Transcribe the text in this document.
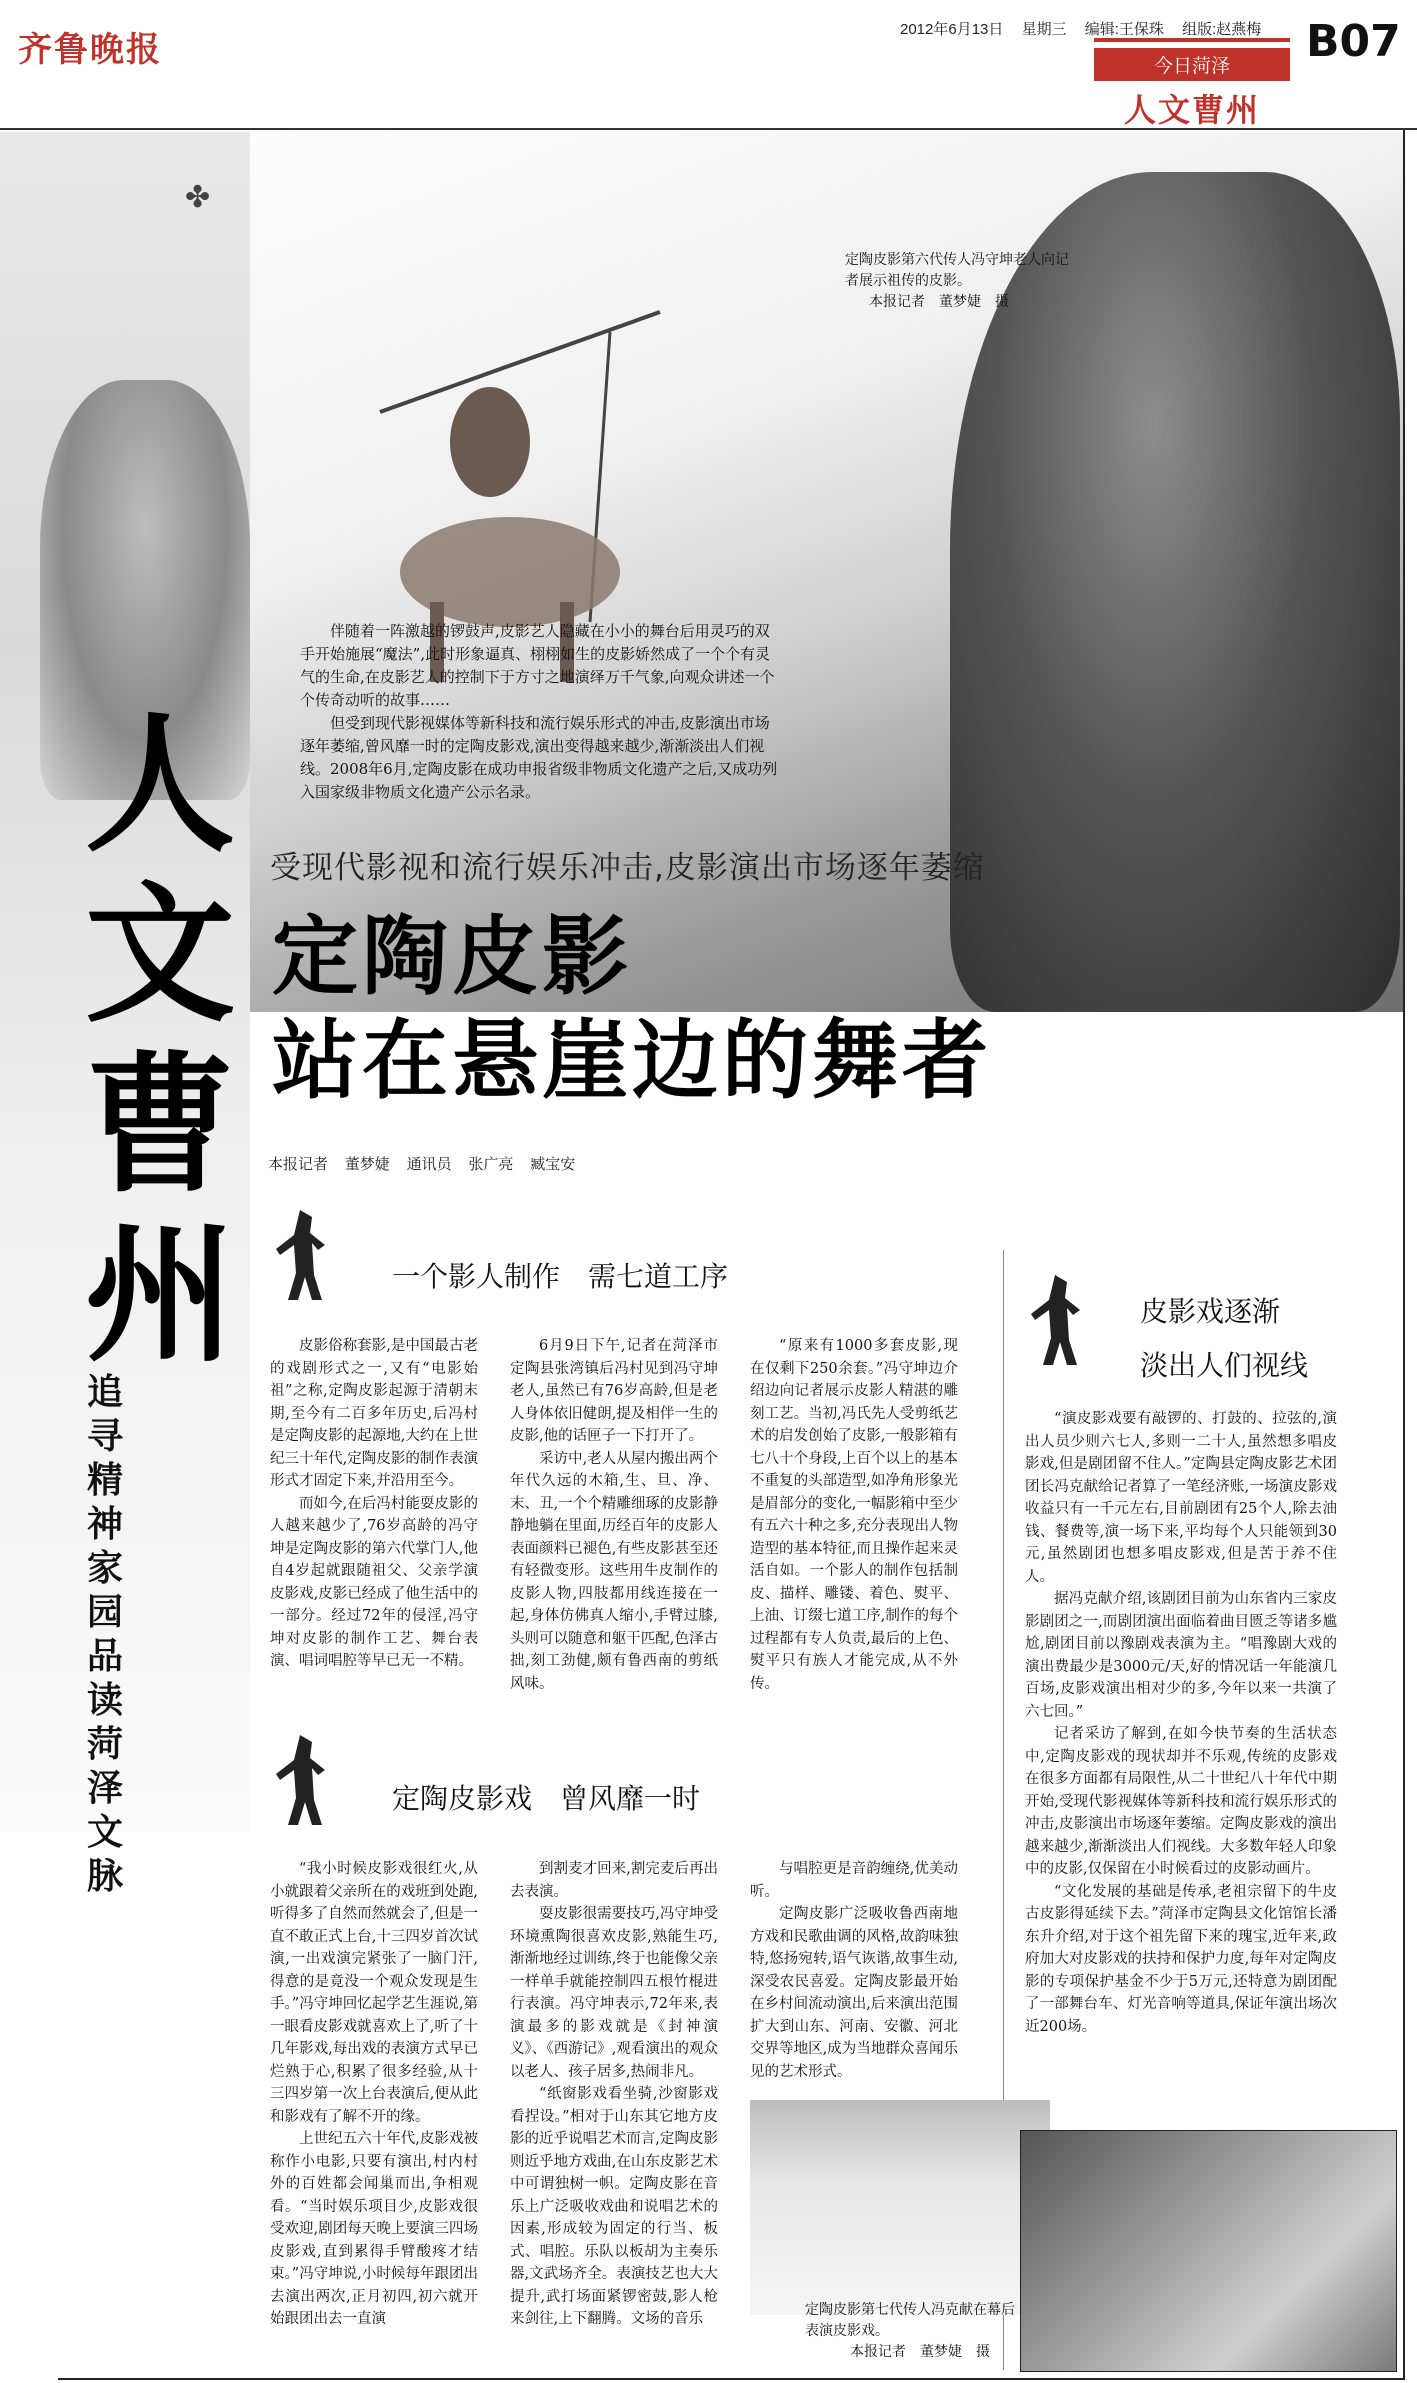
齐鲁晚报
2012年6月13日 星期三 编辑:王保珠 组版:赵燕梅
今日菏泽
人文曹州
B07
✤
人
文
曹
州
追寻精神家园 品读菏泽文脉
定陶皮影第六代传人冯守坤老人向记者展示祖传的皮影。
本报记者　董梦婕　摄
伴随着一阵激越的锣鼓声,皮影艺人隐藏在小小的舞台后用灵巧的双手开始施展“魔法”,此时形象逼真、栩栩如生的皮影娇然成了一个个有灵气的生命,在皮影艺人的控制下于方寸之地演绎万千气象,向观众讲述一个个传奇动听的故事……
但受到现代影视媒体等新科技和流行娱乐形式的冲击,皮影演出市场逐年萎缩,曾风靡一时的定陶皮影戏,演出变得越来越少,渐渐淡出人们视线。2008年6月,定陶皮影在成功申报省级非物质文化遗产之后,又成功列入国家级非物质文化遗产公示名录。
受现代影视和流行娱乐冲击,皮影演出市场逐年萎缩
定陶皮影
站在悬崖边的舞者
本报记者 董梦婕 通讯员 张广亮 臧宝安
一个影人制作　需七道工序

皮影俗称套影,是中国最古老的戏剧形式之一,又有“电影始祖”之称,定陶皮影起源于清朝末期,至今有二百多年历史,后冯村是定陶皮影的起源地,大约在上世纪三十年代,定陶皮影的制作表演形式才固定下来,并沿用至今。

而如今,在后冯村能耍皮影的人越来越少了,76岁高龄的冯守坤是定陶皮影的第六代掌门人,他自4岁起就跟随祖父、父亲学演皮影戏,皮影已经成了他生活中的一部分。经过72年的侵淫,冯守坤对皮影的制作工艺、舞台表演、唱词唱腔等早已无一不精。

6月9日下午,记者在菏泽市定陶县张湾镇后冯村见到冯守坤老人,虽然已有76岁高龄,但是老人身体依旧健朗,提及相伴一生的皮影,他的话匣子一下打开了。

采访中,老人从屋内搬出两个年代久远的木箱,生、旦、净、末、丑,一个个精雕细琢的皮影静静地躺在里面,历经百年的皮影人表面颜料已褪色,有些皮影甚至还有轻微变形。这些用牛皮制作的皮影人物,四肢都用线连接在一起,身体仿佛真人缩小,手臂过膝,头则可以随意和躯干匹配,色泽古拙,刻工劲健,颇有鲁西南的剪纸风味。

“原来有1000多套皮影,现在仅剩下250余套。”冯守坤边介绍边向记者展示皮影人精湛的雕刻工艺。当初,冯氏先人受剪纸艺术的启发创始了皮影,一般影箱有七八十个身段,上百个以上的基本不重复的头部造型,如净角形象光是眉部分的变化,一幅影箱中至少有五六十种之多,充分表现出人物造型的基本特征,而且操作起来灵活自如。一个影人的制作包括制皮、描样、雕镂、着色、熨平、上油、订缀七道工序,制作的每个过程都有专人负责,最后的上色、熨平只有族人才能完成,从不外传。

定陶皮影戏　曾风靡一时

“我小时候皮影戏很红火,从小就跟着父亲所在的戏班到处跑,听得多了自然而然就会了,但是一直不敢正式上台,十三四岁首次试演,一出戏演完紧张了一脑门汗,得意的是竟没一个观众发现是生手。”冯守坤回忆起学艺生涯说,第一眼看皮影戏就喜欢上了,听了十几年影戏,每出戏的表演方式早已烂熟于心,积累了很多经验,从十三四岁第一次上台表演后,便从此和影戏有了解不开的缘。

上世纪五六十年代,皮影戏被称作小电影,只要有演出,村内村外的百姓都会闻巢而出,争相观看。“当时娱乐项目少,皮影戏很受欢迎,剧团每天晚上要演三四场皮影戏,直到累得手臂酸疼才结束。”冯守坤说,小时候每年跟团出去演出两次,正月初四,初六就开始跟团出去一直演

到割麦才回来,割完麦后再出去表演。

耍皮影很需要技巧,冯守坤受环境熏陶很喜欢皮影,熟能生巧,渐渐地经过训练,终于也能像父亲一样单手就能控制四五根竹棍进行表演。冯守坤表示,72年来,表演最多的影戏就是《封神演义》、《西游记》,观看演出的观众以老人、孩子居多,热闹非凡。

“纸窗影戏看坐骑,沙窗影戏看捏设。”相对于山东其它地方皮影的近乎说唱艺术而言,定陶皮影则近乎地方戏曲,在山东皮影艺术中可谓独树一帜。定陶皮影在音乐上广泛吸收戏曲和说唱艺术的因素,形成较为固定的行当、板式、唱腔。乐队以板胡为主奏乐器,文武场齐全。表演技艺也大大提升,武打场面紧锣密鼓,影人枪来剑往,上下翻腾。文场的音乐

与唱腔更是音韵缠绕,优美动听。

定陶皮影广泛吸收鲁西南地方戏和民歌曲调的风格,故韵味独特,悠扬宛转,语气诙谐,故事生动,深受农民喜爱。定陶皮影最开始在乡村间流动演出,后来演出范围扩大到山东、河南、安徽、河北交界等地区,成为当地群众喜闻乐见的艺术形式。

定陶皮影第七代传人冯克献在幕后表演皮影戏。
本报记者　董梦婕　摄
皮影戏逐渐
淡出人们视线

“演皮影戏要有敲锣的、打鼓的、拉弦的,演出人员少则六七人,多则一二十人,虽然想多唱皮影戏,但是剧团留不住人。”定陶县定陶皮影艺术团团长冯克献给记者算了一笔经济账,一场演皮影戏收益只有一千元左右,目前剧团有25个人,除去油钱、餐费等,演一场下来,平均每个人只能领到30元,虽然剧团也想多唱皮影戏,但是苦于养不住人。

据冯克献介绍,该剧团目前为山东省内三家皮影剧团之一,而剧团演出面临着曲目匮乏等诸多尴尬,剧团目前以豫剧戏表演为主。“唱豫剧大戏的演出费最少是3000元/天,好的情况话一年能演几百场,皮影戏演出相对少的多,今年以来一共演了六七回。”

记者采访了解到,在如今快节奏的生活状态中,定陶皮影戏的现状却并不乐观,传统的皮影戏在很多方面都有局限性,从二十世纪八十年代中期开始,受现代影视媒体等新科技和流行娱乐形式的冲击,皮影演出市场逐年萎缩。定陶皮影戏的演出越来越少,渐渐淡出人们视线。大多数年轻人印象中的皮影,仅保留在小时候看过的皮影动画片。

“文化发展的基础是传承,老祖宗留下的牛皮古皮影得延续下去。”菏泽市定陶县文化馆馆长潘东升介绍,对于这个祖先留下来的瑰宝,近年来,政府加大对皮影戏的扶持和保护力度,每年对定陶皮影的专项保护基金不少于5万元,还特意为剧团配了一部舞台车、灯光音响等道具,保证年演出场次近200场。
